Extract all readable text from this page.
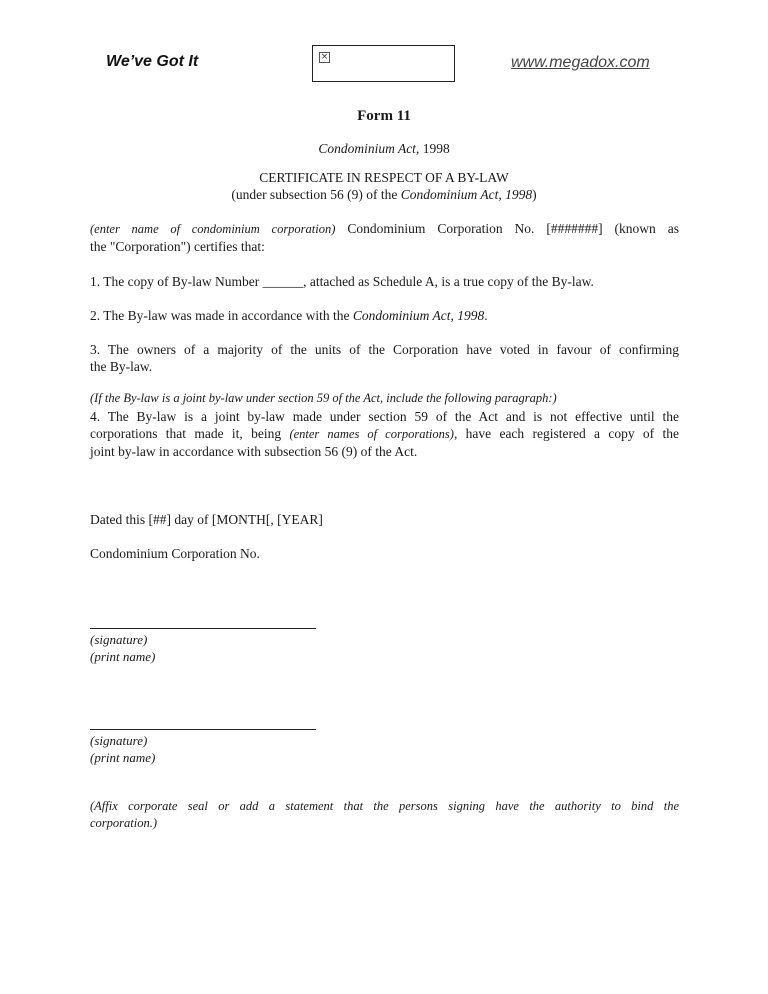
We’ve Got It	×	www.megadox.com
Form 11
Condominium Act, 1998
CERTIFICATE IN RESPECT OF A BY-LAW
(under subsection 56 (9) of the Condominium Act, 1998)
(enter name of condominium corporation) Condominium Corporation No. [#######] (known as
the "Corporation") certifies that:
1. The copy of By-law Number ______, attached as Schedule A, is a true copy of the By-law.
2. The By-law was made in accordance with the Condominium Act, 1998.
3. The owners of a majority of the units of the Corporation have voted in favour of confirming
the By-law.
(If the By-law is a joint by-law under section 59 of the Act, include the following paragraph:)
4. The By-law is a joint by-law made under section 59 of the Act and is not effective until the
corporations that made it, being (enter names of corporations), have each registered a copy of the
joint by-law in accordance with subsection 56 (9) of the Act.
Dated this [##] day of [MONTH[, [YEAR]
Condominium Corporation No.
(signature)
(print name)
(signature)
(print name)
(Affix corporate seal or add a statement that the persons signing have the authority to bind the
corporation.)
